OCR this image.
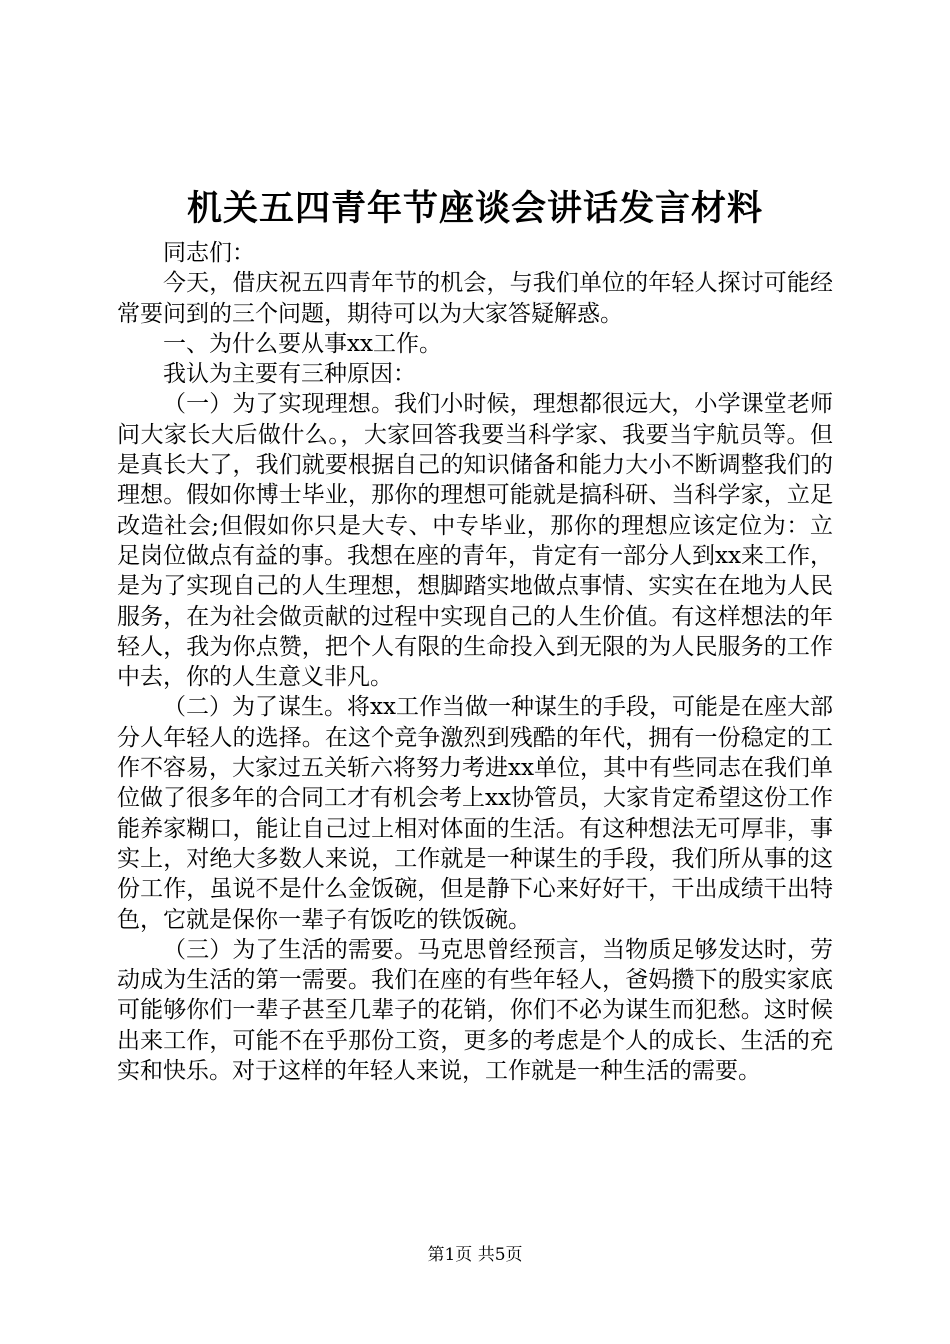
机关五四青年节座谈会讲话发言材料

同志们：

今天，借庆祝五四青年节的机会，与我们单位的年轻人探讨可能经常要问到的三个问题，期待可以为大家答疑解惑。

一、为什么要从事xx工作。

我认为主要有三种原因：

（一）为了实现理想。我们小时候，理想都很远大，小学课堂老师问大家长大后做什么。，大家回答我要当科学家、我要当宇航员等。但是真长大了，我们就要根据自己的知识储备和能力大小不断调整我们的理想。假如你博士毕业，那你的理想可能就是搞科研、当科学家，立足改造社会;但假如你只是大专、中专毕业，那你的理想应该定位为：立足岗位做点有益的事。我想在座的青年，肯定有一部分人到xx来工作，是为了实现自己的人生理想，想脚踏实地做点事情、实实在在地为人民服务，在为社会做贡献的过程中实现自己的人生价值。有这样想法的年轻人，我为你点赞，把个人有限的生命投入到无限的为人民服务的工作中去，你的人生意义非凡。

（二）为了谋生。将xx工作当做一种谋生的手段，可能是在座大部分人年轻人的选择。在这个竞争激烈到残酷的年代，拥有一份稳定的工作不容易，大家过五关斩六将努力考进xx单位，其中有些同志在我们单位做了很多年的合同工才有机会考上xx协管员，大家肯定希望这份工作能养家糊口，能让自己过上相对体面的生活。有这种想法无可厚非，事实上，对绝大多数人来说，工作就是一种谋生的手段，我们所从事的这份工作，虽说不是什么金饭碗，但是静下心来好好干，干出成绩干出特色，它就是保你一辈子有饭吃的铁饭碗。

（三）为了生活的需要。马克思曾经预言，当物质足够发达时，劳动成为生活的第一需要。我们在座的有些年轻人，爸妈攒下的殷实家底可能够你们一辈子甚至几辈子的花销，你们不必为谋生而犯愁。这时候出来工作，可能不在乎那份工资，更多的考虑是个人的成长、生活的充实和快乐。对于这样的年轻人来说，工作就是一种生活的需要。

第1页 共5页
